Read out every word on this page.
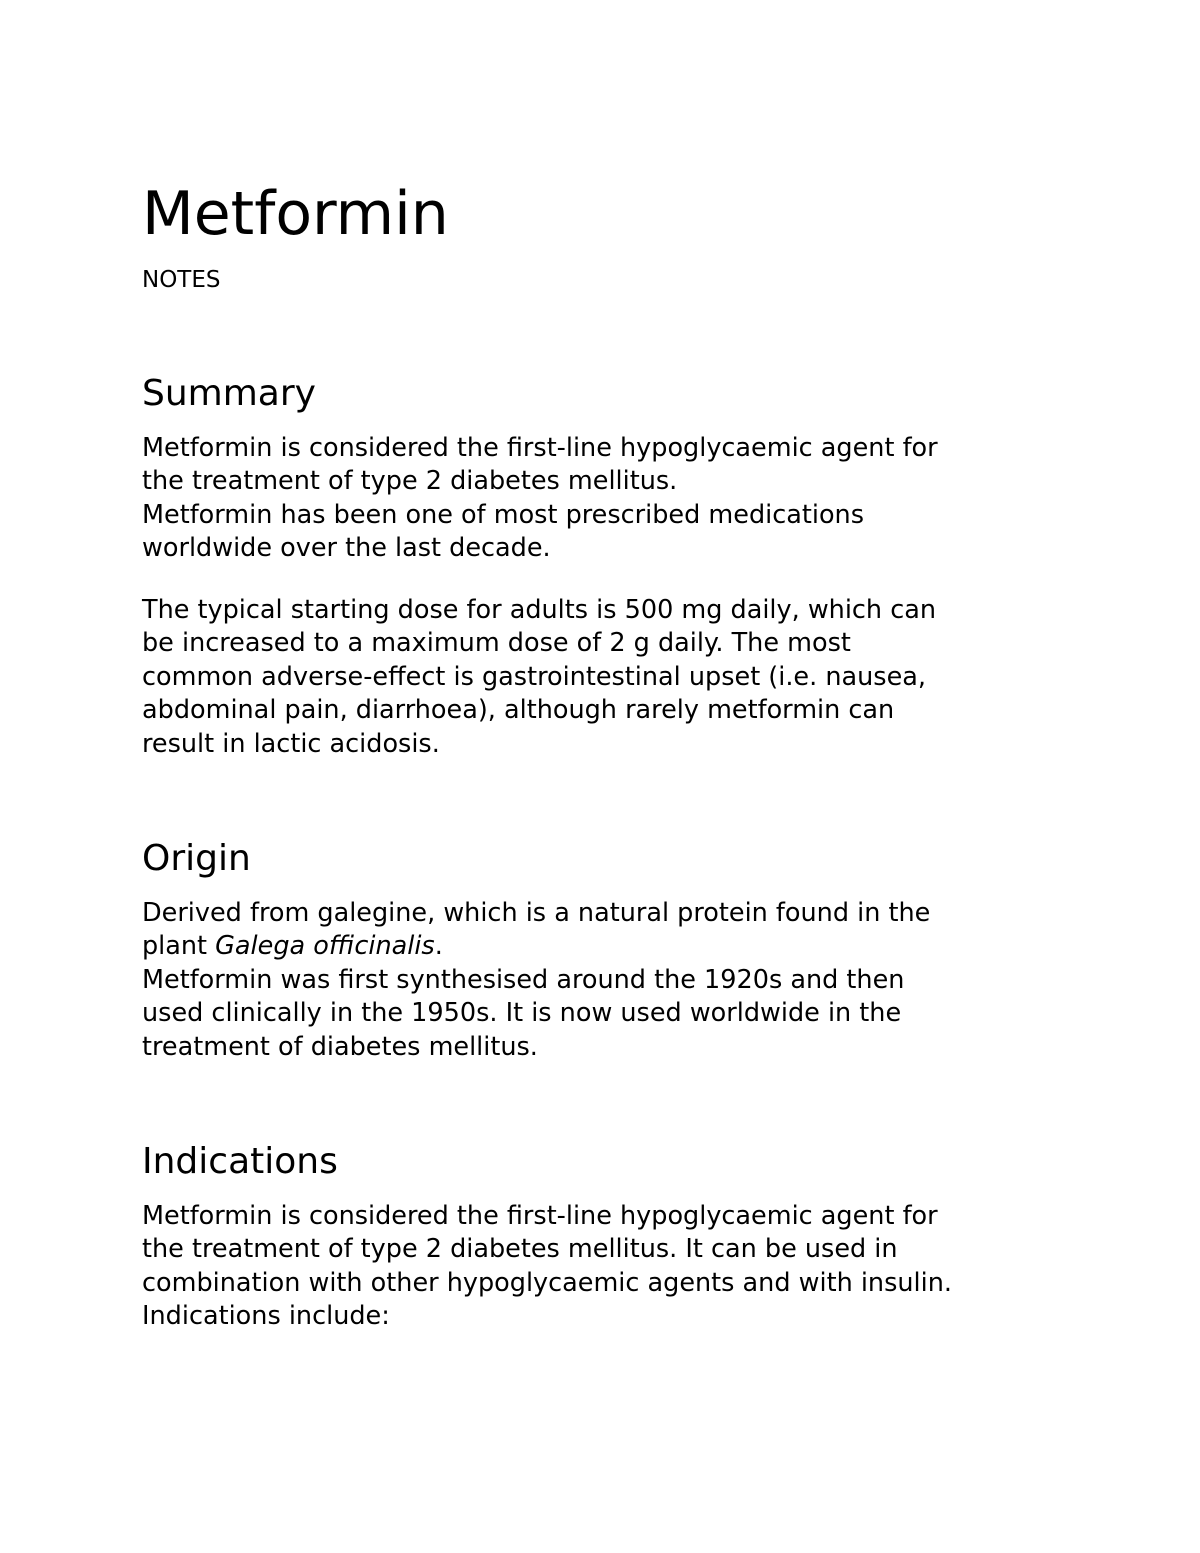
Metformin
NOTES
Summary

Metformin is considered the first-line hypoglycaemic agent for
the treatment of type 2 diabetes mellitus.
Metformin has been one of most prescribed medications
worldwide over the last decade.

The typical starting dose for adults is 500 mg daily, which can
be increased to a maximum dose of 2 g daily. The most
common adverse-effect is gastrointestinal upset (i.e. nausea,
abdominal pain, diarrhoea), although rarely metformin can
result in lactic acidosis.

Origin

Derived from galegine, which is a natural protein found in the
plant Galega officinalis.
Metformin was first synthesised around the 1920s and then
used clinically in the 1950s. It is now used worldwide in the
treatment of diabetes mellitus.

Indications

Metformin is considered the first-line hypoglycaemic agent for
the treatment of type 2 diabetes mellitus. It can be used in
combination with other hypoglycaemic agents and with insulin.
Indications include:
